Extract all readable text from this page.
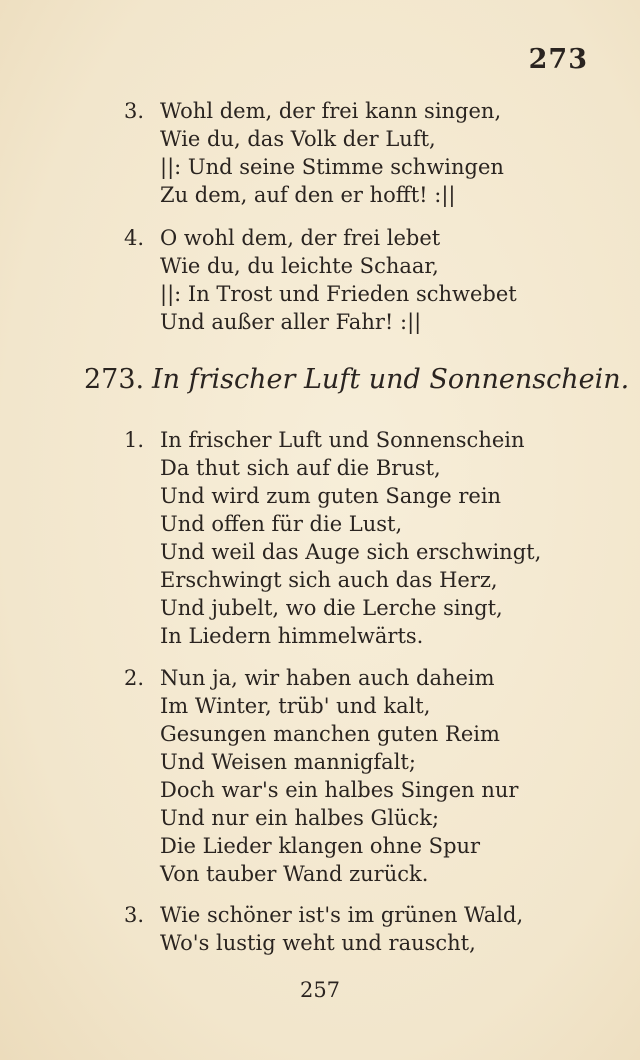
273
3. Wohl dem, der frei kann singen,
Wie du, das Volk der Luft,
||: Und seine Stimme schwingen
Zu dem, auf den er hofft! :||
4. O wohl dem, der frei lebet
Wie du, du leichte Schaar,
||: In Trost und Frieden schwebet
Und außer aller Fahr! :||
273. In frischer Luft und Sonnenschein.
1. In frischer Luft und Sonnenschein
Da thut sich auf die Brust,
Und wird zum guten Sange rein
Und offen für die Lust,
Und weil das Auge sich erschwingt,
Erschwingt sich auch das Herz,
Und jubelt, wo die Lerche singt,
In Liedern himmelwärts.
2. Nun ja, wir haben auch daheim
Im Winter, trüb' und kalt,
Gesungen manchen guten Reim
Und Weisen mannigfalt;
Doch war's ein halbes Singen nur
Und nur ein halbes Glück;
Die Lieder klangen ohne Spur
Von tauber Wand zurück.
3. Wie schöner ist's im grünen Wald,
Wo's lustig weht und rauscht,
257
